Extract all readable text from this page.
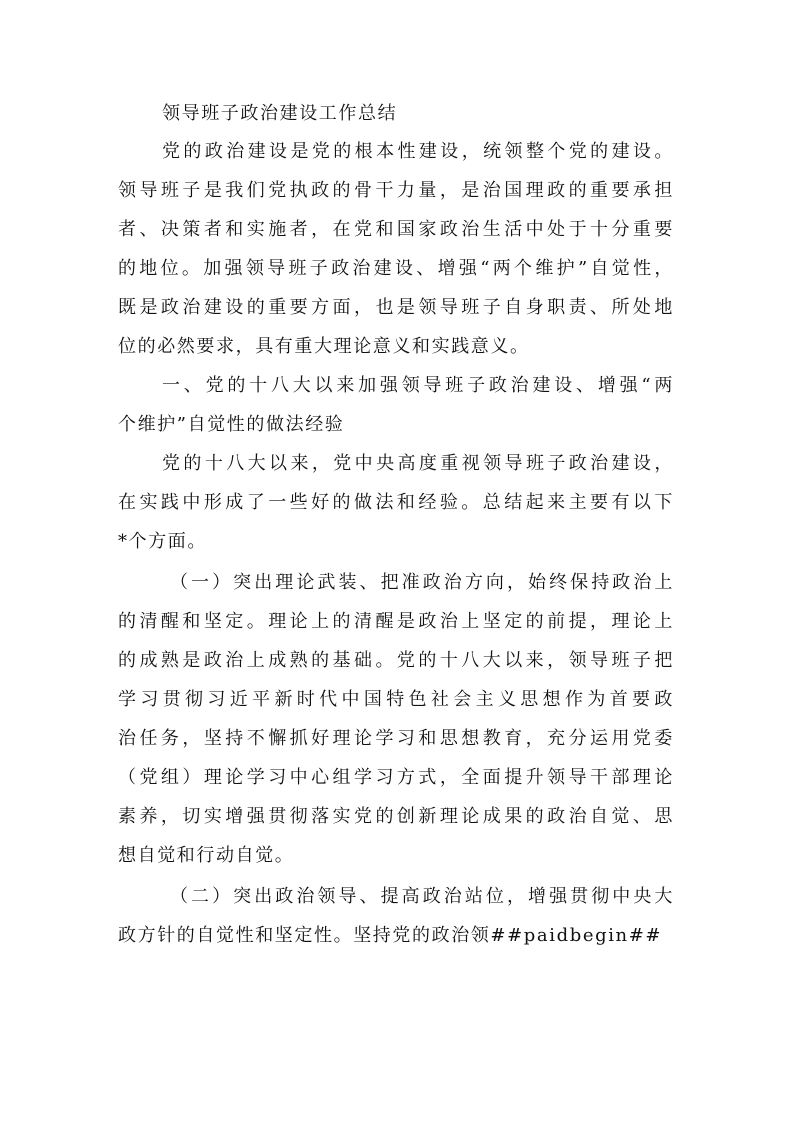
领导班子政治建设工作总结
党的政治建设是党的根本性建设，统领整个党的建设。
领导班子是我们党执政的骨干力量，是治国理政的重要承担
者、决策者和实施者，在党和国家政治生活中处于十分重要
的地位。加强领导班子政治建设、增强“两个维护”自觉性，
既是政治建设的重要方面，也是领导班子自身职责、所处地
位的必然要求，具有重大理论意义和实践意义。
一、党的十八大以来加强领导班子政治建设、增强“两
个维护”自觉性的做法经验
党的十八大以来，党中央高度重视领导班子政治建设，
在实践中形成了一些好的做法和经验。总结起来主要有以下
*个方面。
（一）突出理论武装、把准政治方向，始终保持政治上
的清醒和坚定。理论上的清醒是政治上坚定的前提，理论上
的成熟是政治上成熟的基础。党的十八大以来，领导班子把
学习贯彻习近平新时代中国特色社会主义思想作为首要政
治任务，坚持不懈抓好理论学习和思想教育，充分运用党委
（党组）理论学习中心组学习方式，全面提升领导干部理论
素养，切实增强贯彻落实党的创新理论成果的政治自觉、思
想自觉和行动自觉。
（二）突出政治领导、提高政治站位，增强贯彻中央大
政方针的自觉性和坚定性。坚持党的政治领##paidbegin##
